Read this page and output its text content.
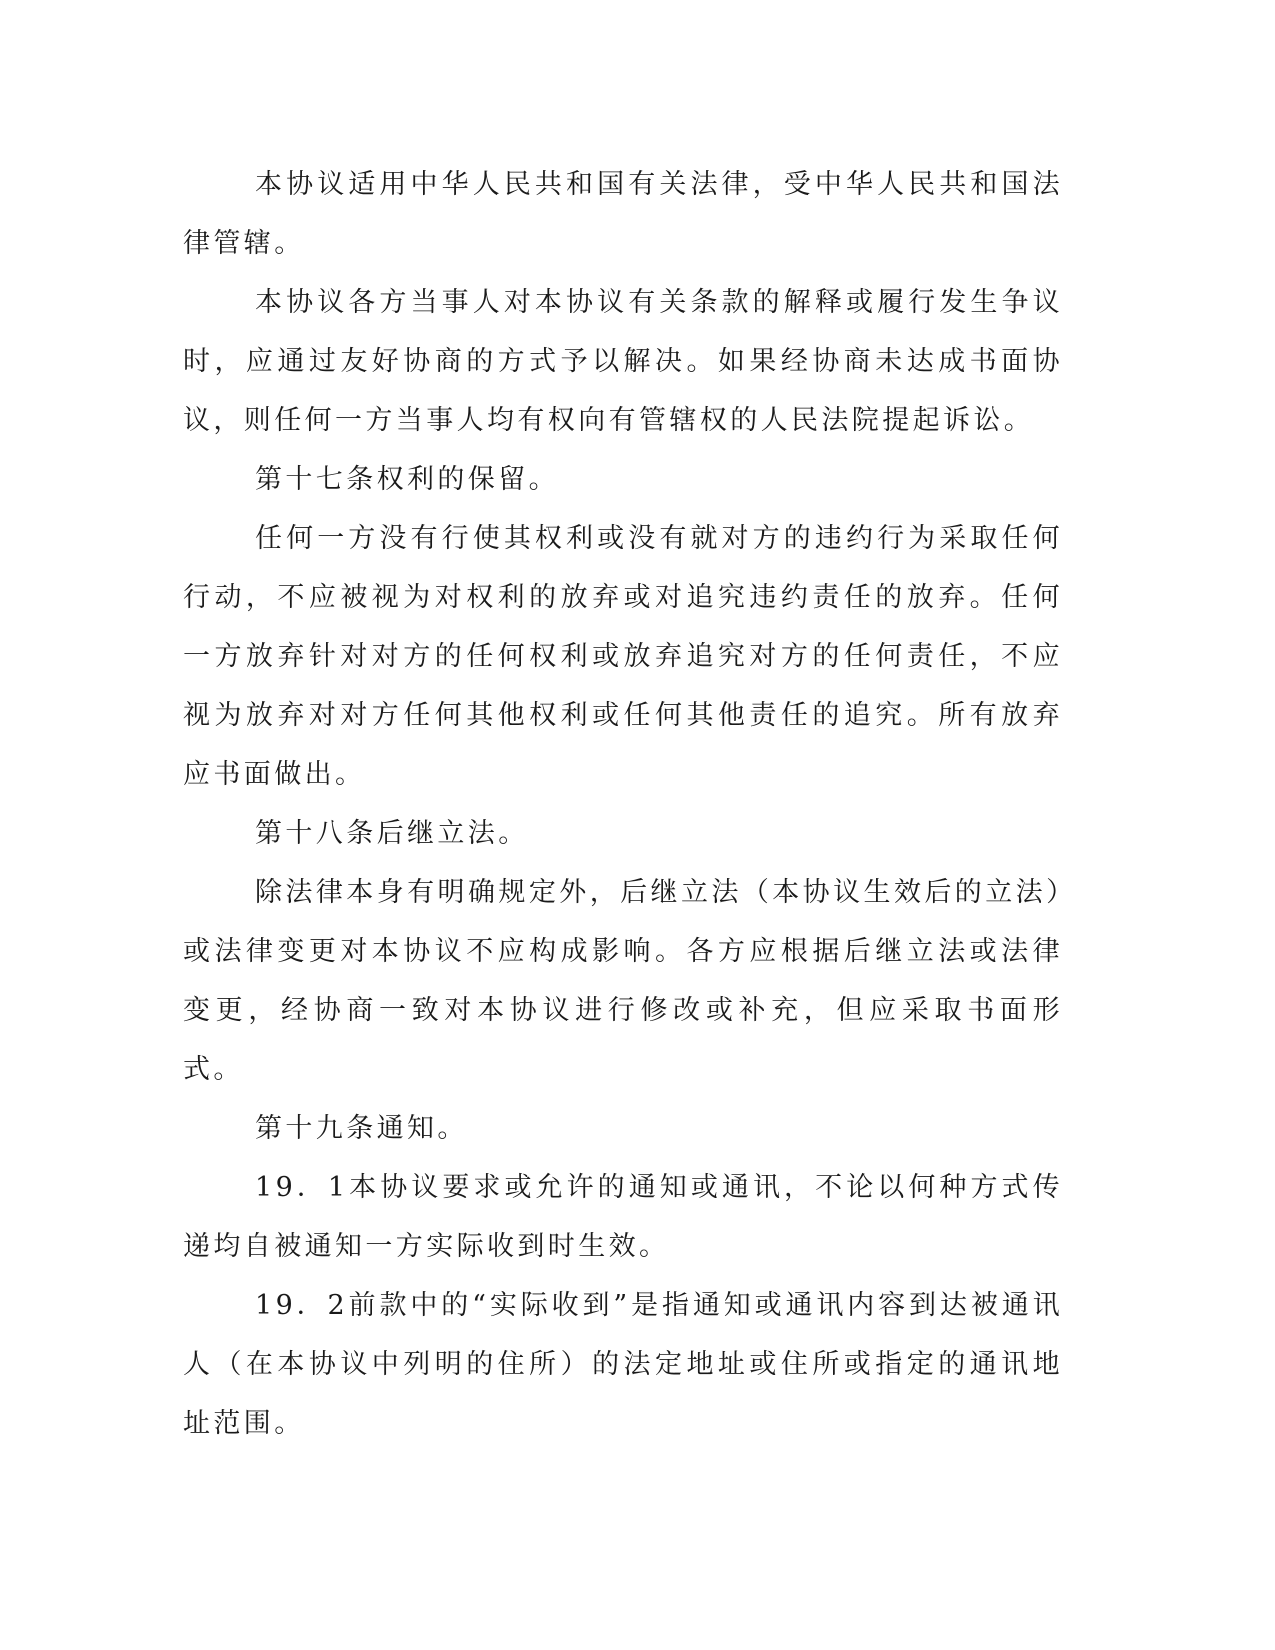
本协议适用中华人民共和国有关法律，受中华人民共和国法律管辖。

本协议各方当事人对本协议有关条款的解释或履行发生争议时，应通过友好协商的方式予以解决。如果经协商未达成书面协议，则任何一方当事人均有权向有管辖权的人民法院提起诉讼。

第十七条权利的保留。

任何一方没有行使其权利或没有就对方的违约行为采取任何行动，不应被视为对权利的放弃或对追究违约责任的放弃。任何一方放弃针对对方的任何权利或放弃追究对方的任何责任，不应视为放弃对对方任何其他权利或任何其他责任的追究。所有放弃应书面做出。

第十八条后继立法。

除法律本身有明确规定外，后继立法（本协议生效后的立法）或法律变更对本协议不应构成影响。各方应根据后继立法或法律变更，经协商一致对本协议进行修改或补充，但应采取书面形式。

第十九条通知。

19．1本协议要求或允许的通知或通讯，不论以何种方式传递均自被通知一方实际收到时生效。

19．2前款中的“实际收到”是指通知或通讯内容到达被通讯人（在本协议中列明的住所）的法定地址或住所或指定的通讯地址范围。
